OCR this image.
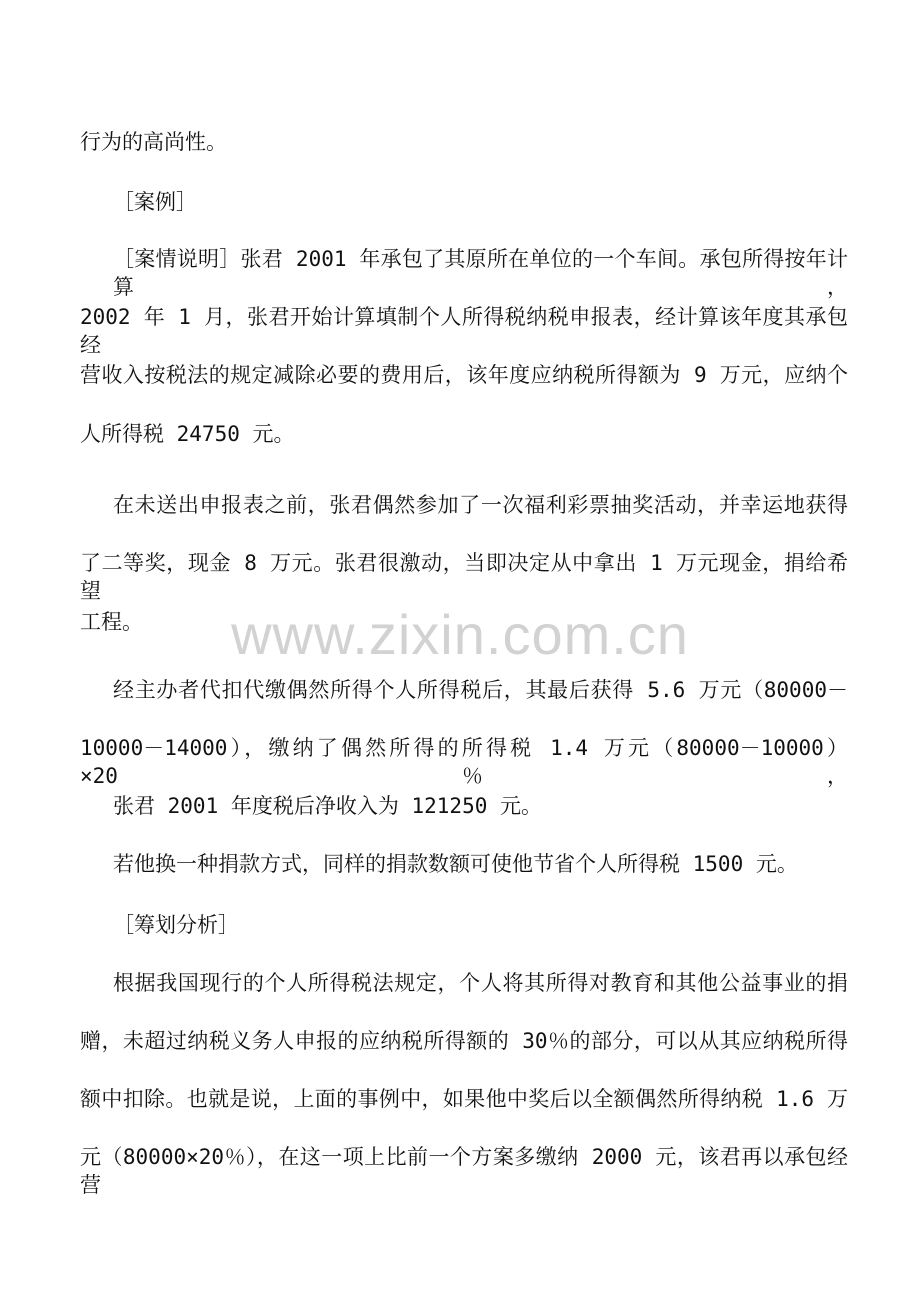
行为的高尚性。
［案例］
［案情说明］张君 2001 年承包了其原所在单位的一个车间。承包所得按年计算，
2002 年 1 月，张君开始计算填制个人所得税纳税申报表，经计算该年度其承包经
营收入按税法的规定减除必要的费用后，该年度应纳税所得额为 9 万元，应纳个
人所得税 24750 元。
在未送出申报表之前，张君偶然参加了一次福利彩票抽奖活动，并幸运地获得
了二等奖，现金 8 万元。张君很激动，当即决定从中拿出 1 万元现金，捐给希望
工程。	www.zixin.com.cn
经主办者代扣代缴偶然所得个人所得税后，其最后获得 5.6 万元（80000－
10000－14000），缴纳了偶然所得的所得税 1.4 万元（80000－10000）×20％，
张君 2001 年度税后净收入为 121250 元。
若他换一种捐款方式，同样的捐款数额可使他节省个人所得税 1500 元。
［筹划分析］
根据我国现行的个人所得税法规定，个人将其所得对教育和其他公益事业的捐
赠，未超过纳税义务人申报的应纳税所得额的 30％的部分，可以从其应纳税所得
额中扣除。也就是说，上面的事例中，如果他中奖后以全额偶然所得纳税 1.6 万
元（80000×20％），在这一项上比前一个方案多缴纳 2000 元，该君再以承包经营
